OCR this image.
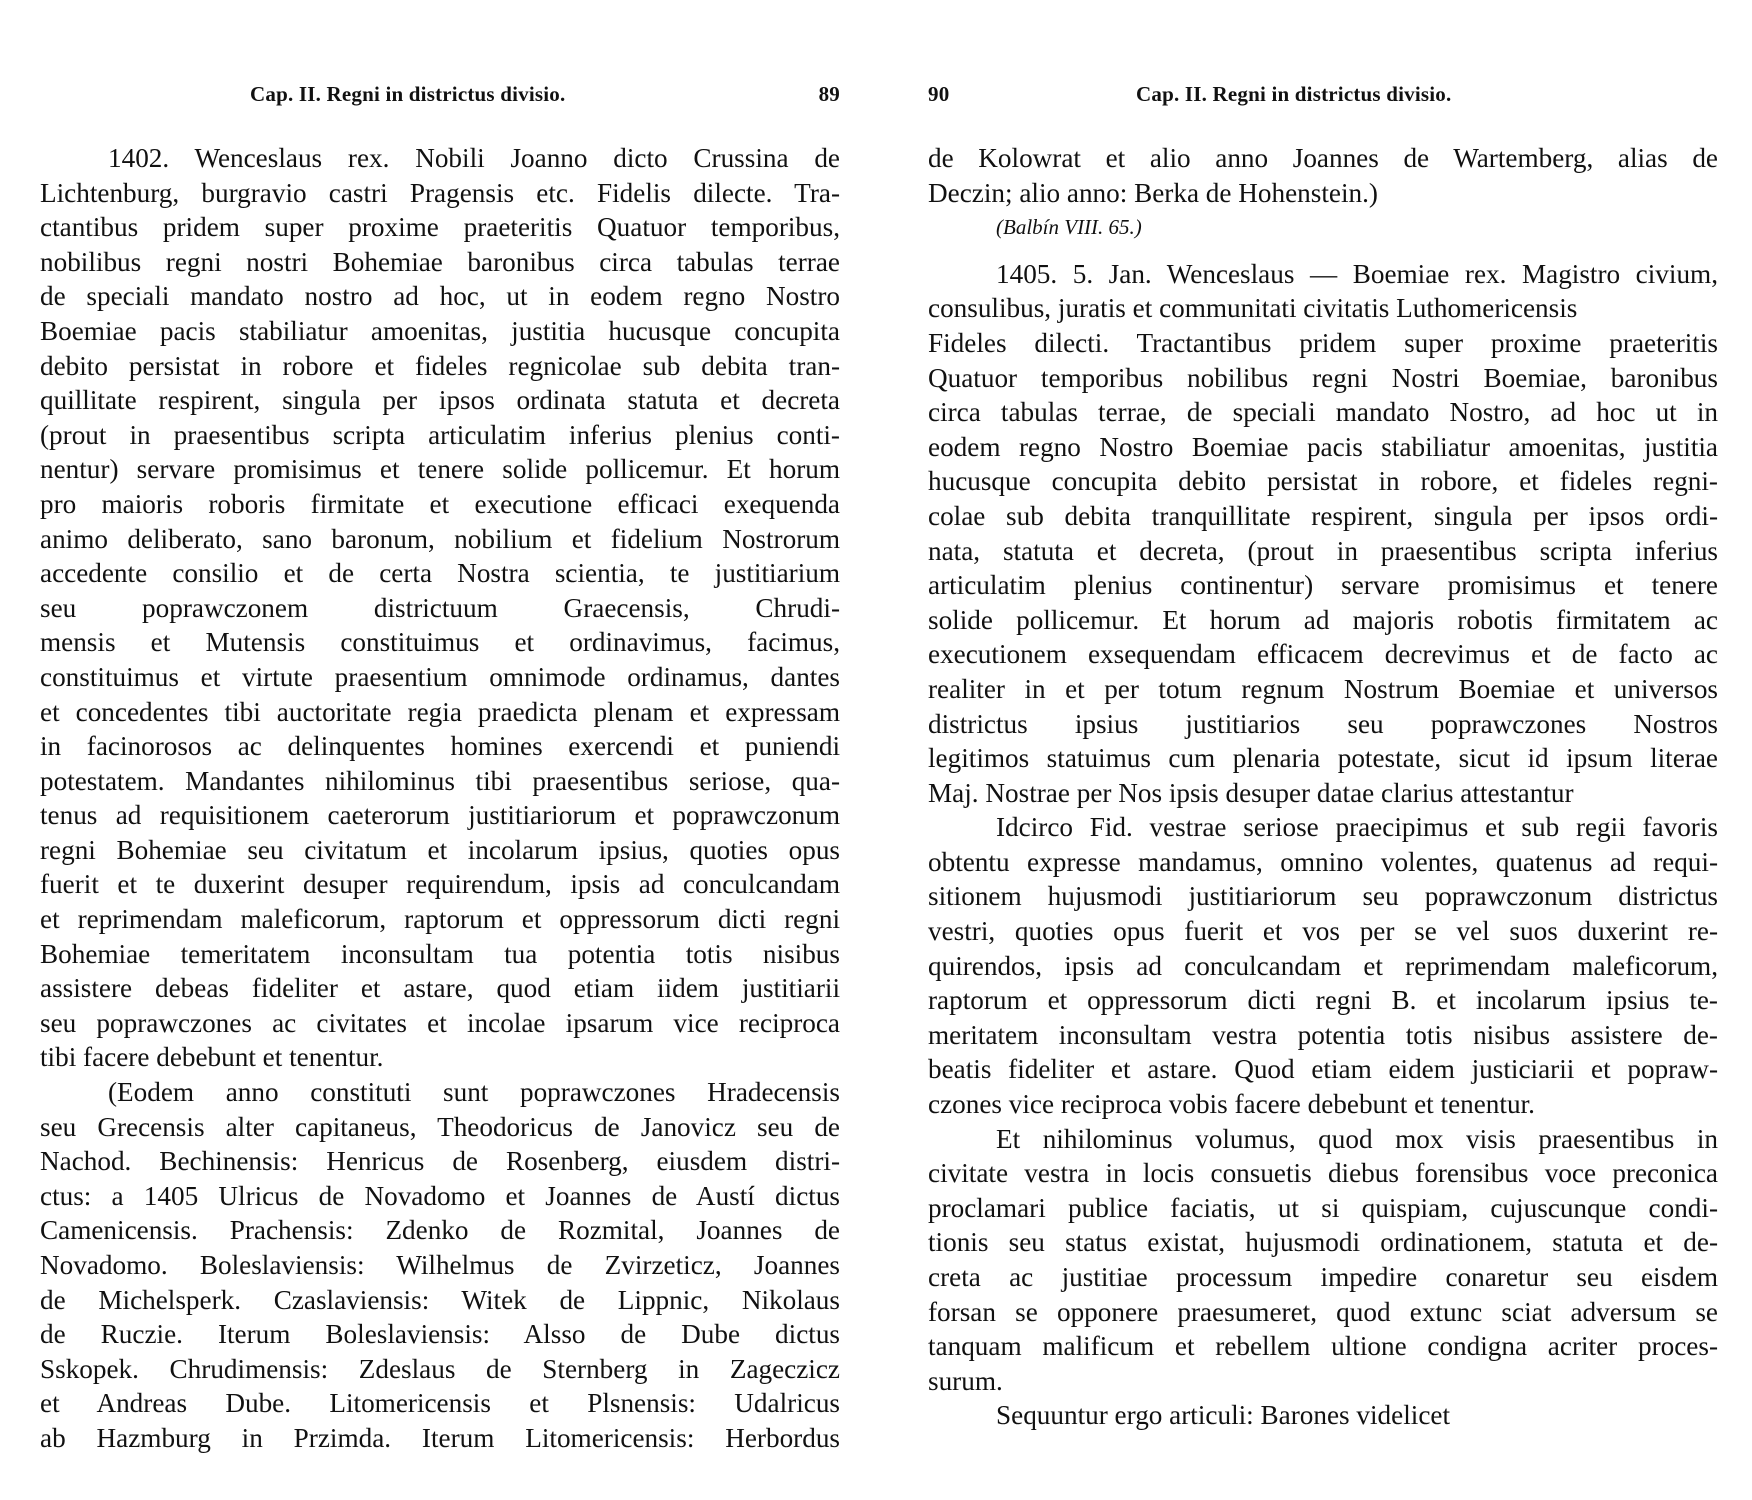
Cap. II. Regni in districtus divisio.	89
1402. Wenceslaus rex. Nobili Joanno dicto Crussina de
Lichtenburg, burgravio castri Pragensis etc. Fidelis dilecte. Tra-
ctantibus pridem super proxime praeteritis Quatuor temporibus,
nobilibus regni nostri Bohemiae baronibus circa tabulas terrae
de speciali mandato nostro ad hoc, ut in eodem regno Nostro
Boemiae pacis stabiliatur amoenitas, justitia hucusque concupita
debito persistat in robore et fideles regnicolae sub debita tran-
quillitate respirent, singula per ipsos ordinata statuta et decreta
(prout in praesentibus scripta articulatim inferius plenius conti-
nentur) servare promisimus et tenere solide pollicemur. Et horum
pro maioris roboris firmitate et executione efficaci exequenda
animo deliberato, sano baronum, nobilium et fidelium Nostrorum
accedente consilio et de certa Nostra scientia, te justitiarium
seu poprawczonem districtuum Graecensis, Chrudi-
mensis et Mutensis constituimus et ordinavimus, facimus,
constituimus et virtute praesentium omnimode ordinamus, dantes
et concedentes tibi auctoritate regia praedicta plenam et expressam
in facinorosos ac delinquentes homines exercendi et puniendi
potestatem. Mandantes nihilominus tibi praesentibus seriose, qua-
tenus ad requisitionem caeterorum justitiariorum et poprawczonum
regni Bohemiae seu civitatum et incolarum ipsius, quoties opus
fuerit et te duxerint desuper requirendum, ipsis ad conculcandam
et reprimendam maleficorum, raptorum et oppressorum dicti regni
Bohemiae temeritatem inconsultam tua potentia totis nisibus
assistere debeas fideliter et astare, quod etiam iidem justitiarii
seu poprawczones ac civitates et incolae ipsarum vice reciproca
tibi facere debebunt et tenentur.
(Eodem anno constituti sunt poprawczones Hradecensis
seu Grecensis alter capitaneus, Theodoricus de Janovicz seu de
Nachod. Bechinensis: Henricus de Rosenberg, eiusdem distri-
ctus: a 1405 Ulricus de Novadomo et Joannes de Austí dictus
Camenicensis. Prachensis: Zdenko de Rozmital, Joannes de
Novadomo. Boleslaviensis: Wilhelmus de Zvirzeticz, Joannes
de Michelsperk. Czaslaviensis: Witek de Lippnic, Nikolaus
de Ruczie. Iterum Boleslaviensis: Alsso de Dube dictus
Sskopek. Chrudimensis: Zdeslaus de Sternberg in Zageczicz
et Andreas Dube. Litomericensis et Plsnensis: Udalricus
ab Hazmburg in Przimda. Iterum Litomericensis: Herbordus
90	Cap. II. Regni in districtus divisio.
de Kolowrat et alio anno Joannes de Wartemberg, alias de
Deczin; alio anno: Berka de Hohenstein.)
(Balbín VIII. 65.)
1405. 5. Jan. Wenceslaus — Boemiae rex. Magistro civium,
consulibus, juratis et communitati civitatis Luthomericensis
Fideles dilecti. Tractantibus pridem super proxime praeteritis
Quatuor temporibus nobilibus regni Nostri Boemiae, baronibus
circa tabulas terrae, de speciali mandato Nostro, ad hoc ut in
eodem regno Nostro Boemiae pacis stabiliatur amoenitas, justitia
hucusque concupita debito persistat in robore, et fideles regni-
colae sub debita tranquillitate respirent, singula per ipsos ordi-
nata, statuta et decreta, (prout in praesentibus scripta inferius
articulatim plenius continentur) servare promisimus et tenere
solide pollicemur. Et horum ad majoris robotis firmitatem ac
executionem exsequendam efficacem decrevimus et de facto ac
realiter in et per totum regnum Nostrum Boemiae et universos
districtus ipsius justitiarios seu poprawczones Nostros
legitimos statuimus cum plenaria potestate, sicut id ipsum literae
Maj. Nostrae per Nos ipsis desuper datae clarius attestantur
Idcirco Fid. vestrae seriose praecipimus et sub regii favoris
obtentu expresse mandamus, omnino volentes, quatenus ad requi-
sitionem hujusmodi justitiariorum seu poprawczonum districtus
vestri, quoties opus fuerit et vos per se vel suos duxerint re-
quirendos, ipsis ad conculcandam et reprimendam maleficorum,
raptorum et oppressorum dicti regni B. et incolarum ipsius te-
meritatem inconsultam vestra potentia totis nisibus assistere de-
beatis fideliter et astare. Quod etiam eidem justiciarii et popraw-
czones vice reciproca vobis facere debebunt et tenentur.
Et nihilominus volumus, quod mox visis praesentibus in
civitate vestra in locis consuetis diebus forensibus voce preconica
proclamari publice faciatis, ut si quispiam, cujuscunque condi-
tionis seu status existat, hujusmodi ordinationem, statuta et de-
creta ac justitiae processum impedire conaretur seu eisdem
forsan se opponere praesumeret, quod extunc sciat adversum se
tanquam malificum et rebellem ultione condigna acriter proces-
surum.
Sequuntur ergo articuli: Barones videlicet
